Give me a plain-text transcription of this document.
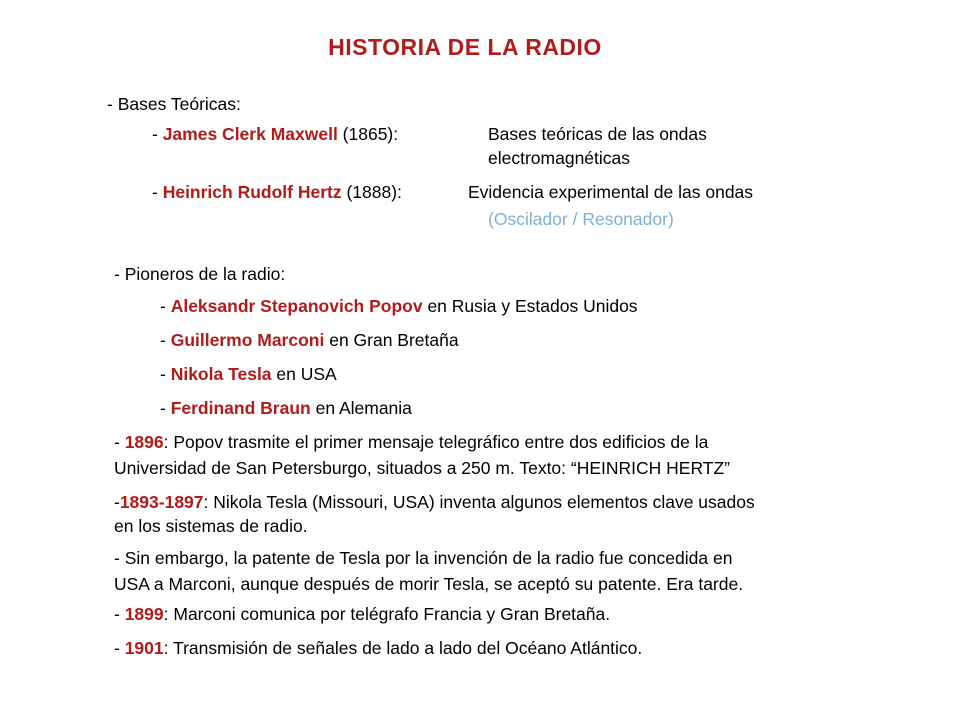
HISTORIA DE LA RADIO
- Bases Teóricas:
- James Clerk Maxwell (1865):	Bases teóricas de las ondas
electromagnéticas
- Heinrich Rudolf Hertz (1888):	Evidencia experimental de las ondas
(Oscilador / Resonador)
- Pioneros de la radio:
- Aleksandr Stepanovich Popov en Rusia y Estados Unidos
- Guillermo Marconi en Gran Bretaña
- Nikola Tesla en USA
- Ferdinand Braun en Alemania
- 1896: Popov trasmite el primer mensaje telegráfico entre dos edificios de la
Universidad de San Petersburgo, situados a 250 m. Texto: “HEINRICH HERTZ”
-1893-1897: Nikola Tesla (Missouri, USA) inventa algunos elementos clave usados
en los sistemas de radio.
- Sin embargo, la patente de Tesla por la invención de la radio fue concedida en
USA a Marconi, aunque después de morir Tesla, se aceptó su patente. Era tarde.
- 1899: Marconi comunica por telégrafo Francia y Gran Bretaña.
- 1901: Transmisión de señales de lado a lado del Océano Atlántico.
